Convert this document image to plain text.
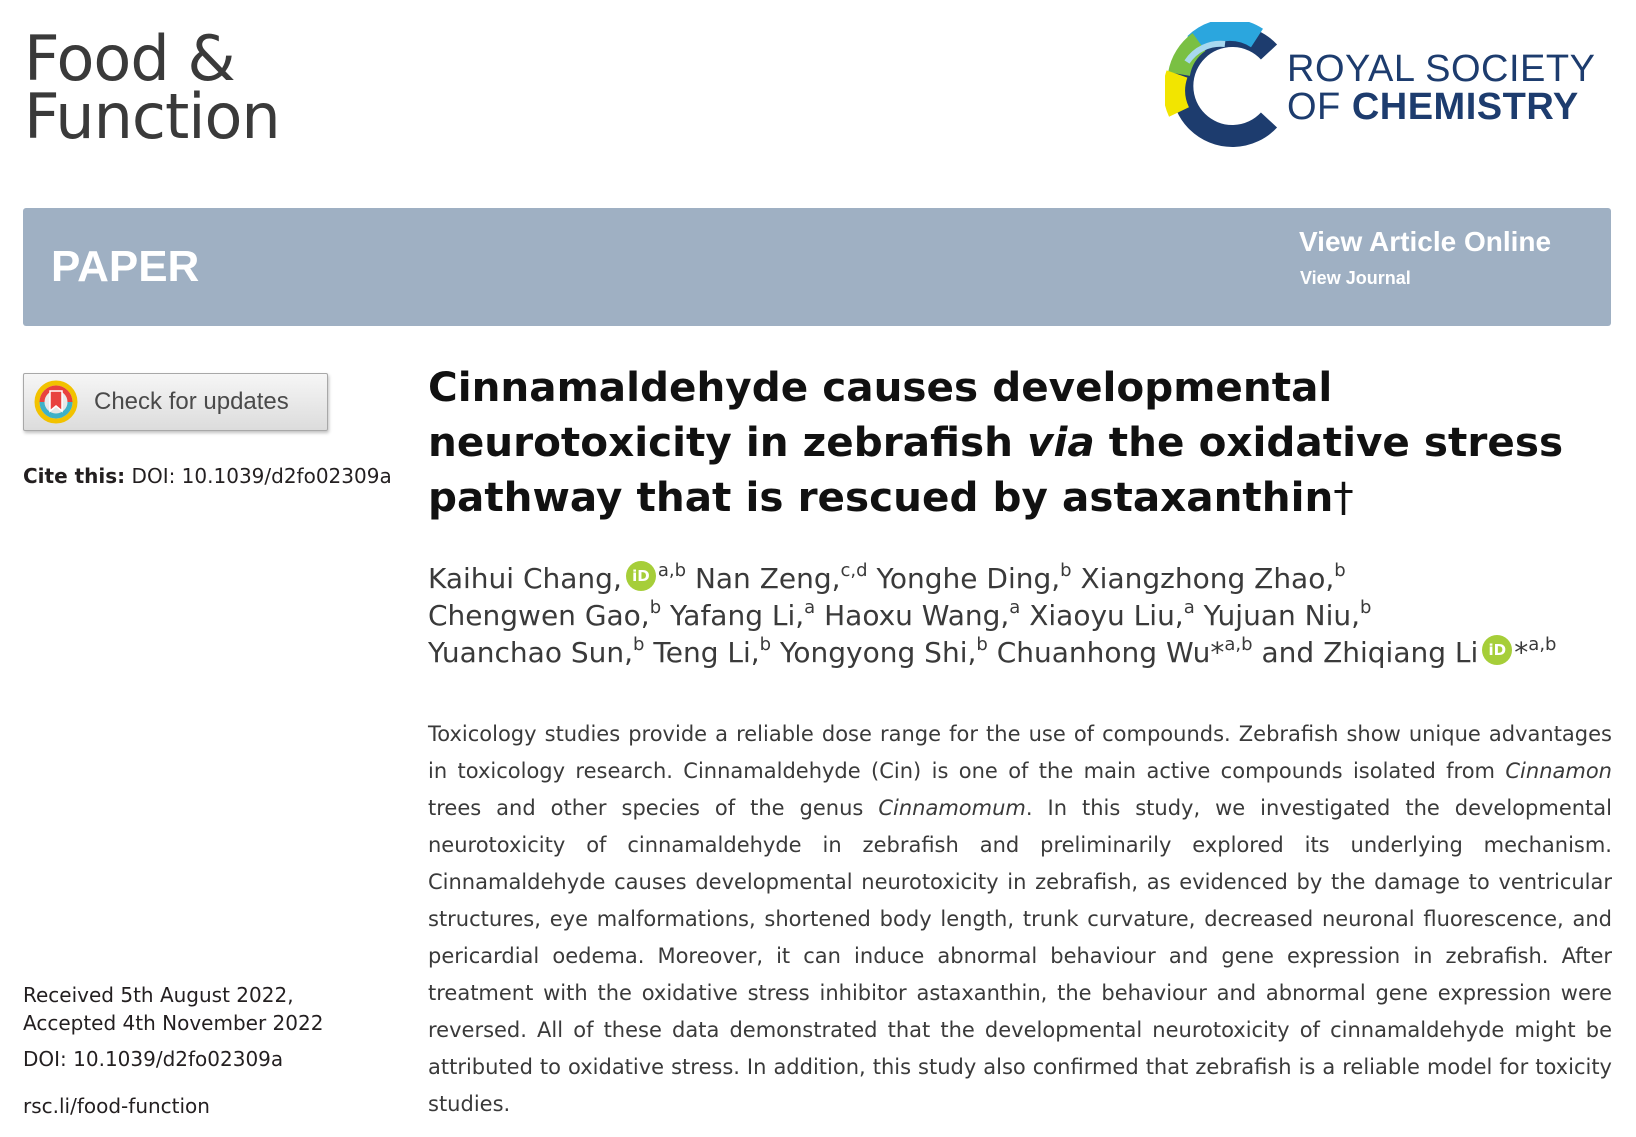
Food &
Function
ROYAL SOCIETY
OF CHEMISTRY
PAPER
View Article Online
View Journal
Check for updates
Cite this: DOI: 10.1039/d2fo02309a
Received 5th August 2022,
Accepted 4th November 2022
DOI: 10.1039/d2fo02309a
rsc.li/food-function
Cinnamaldehyde causes developmental neurotoxicity in zebrafish via the oxidative stress pathway that is rescued by astaxanthin†
Kaihui Chang, iD $^{a,b}$ Nan Zeng,$^{c,d}$ Yonghe Ding,$^b$ Xiangzhong Zhao,$^b$
Chengwen Gao,$^b$ Yafang Li,$^a$ Haoxu Wang,$^a$ Xiaoyu Liu,$^a$ Yujuan Niu,$^b$
Yuanchao Sun,$^b$ Teng Li,$^b$ Yongyong Shi,$^b$ Chuanhong Wu*$^{a,b}$ and Zhiqiang Li iD *$^{a,b}$

Toxicology studies provide a reliable dose range for the use of compounds. Zebrafish show unique advantages in toxicology research. Cinnamaldehyde (Cin) is one of the main active compounds isolated from Cinnamon trees and other species of the genus Cinnamomum. In this study, we investigated the developmental neurotoxicity of cinnamaldehyde in zebrafish and preliminarily explored its underlying mechanism. Cinnamaldehyde causes developmental neurotoxicity in zebrafish, as evidenced by the damage to ventricular structures, eye malformations, shortened body length, trunk curvature, decreased neuronal fluorescence, and pericardial oedema. Moreover, it can induce abnormal behaviour and gene expression in zebrafish. After treatment with the oxidative stress inhibitor astaxanthin, the behaviour and abnormal gene expression were reversed. All of these data demonstrated that the developmental neurotoxicity of cinnamaldehyde might be attributed to oxidative stress. In addition, this study also confirmed that zebrafish is a reliable model for toxicity studies.
